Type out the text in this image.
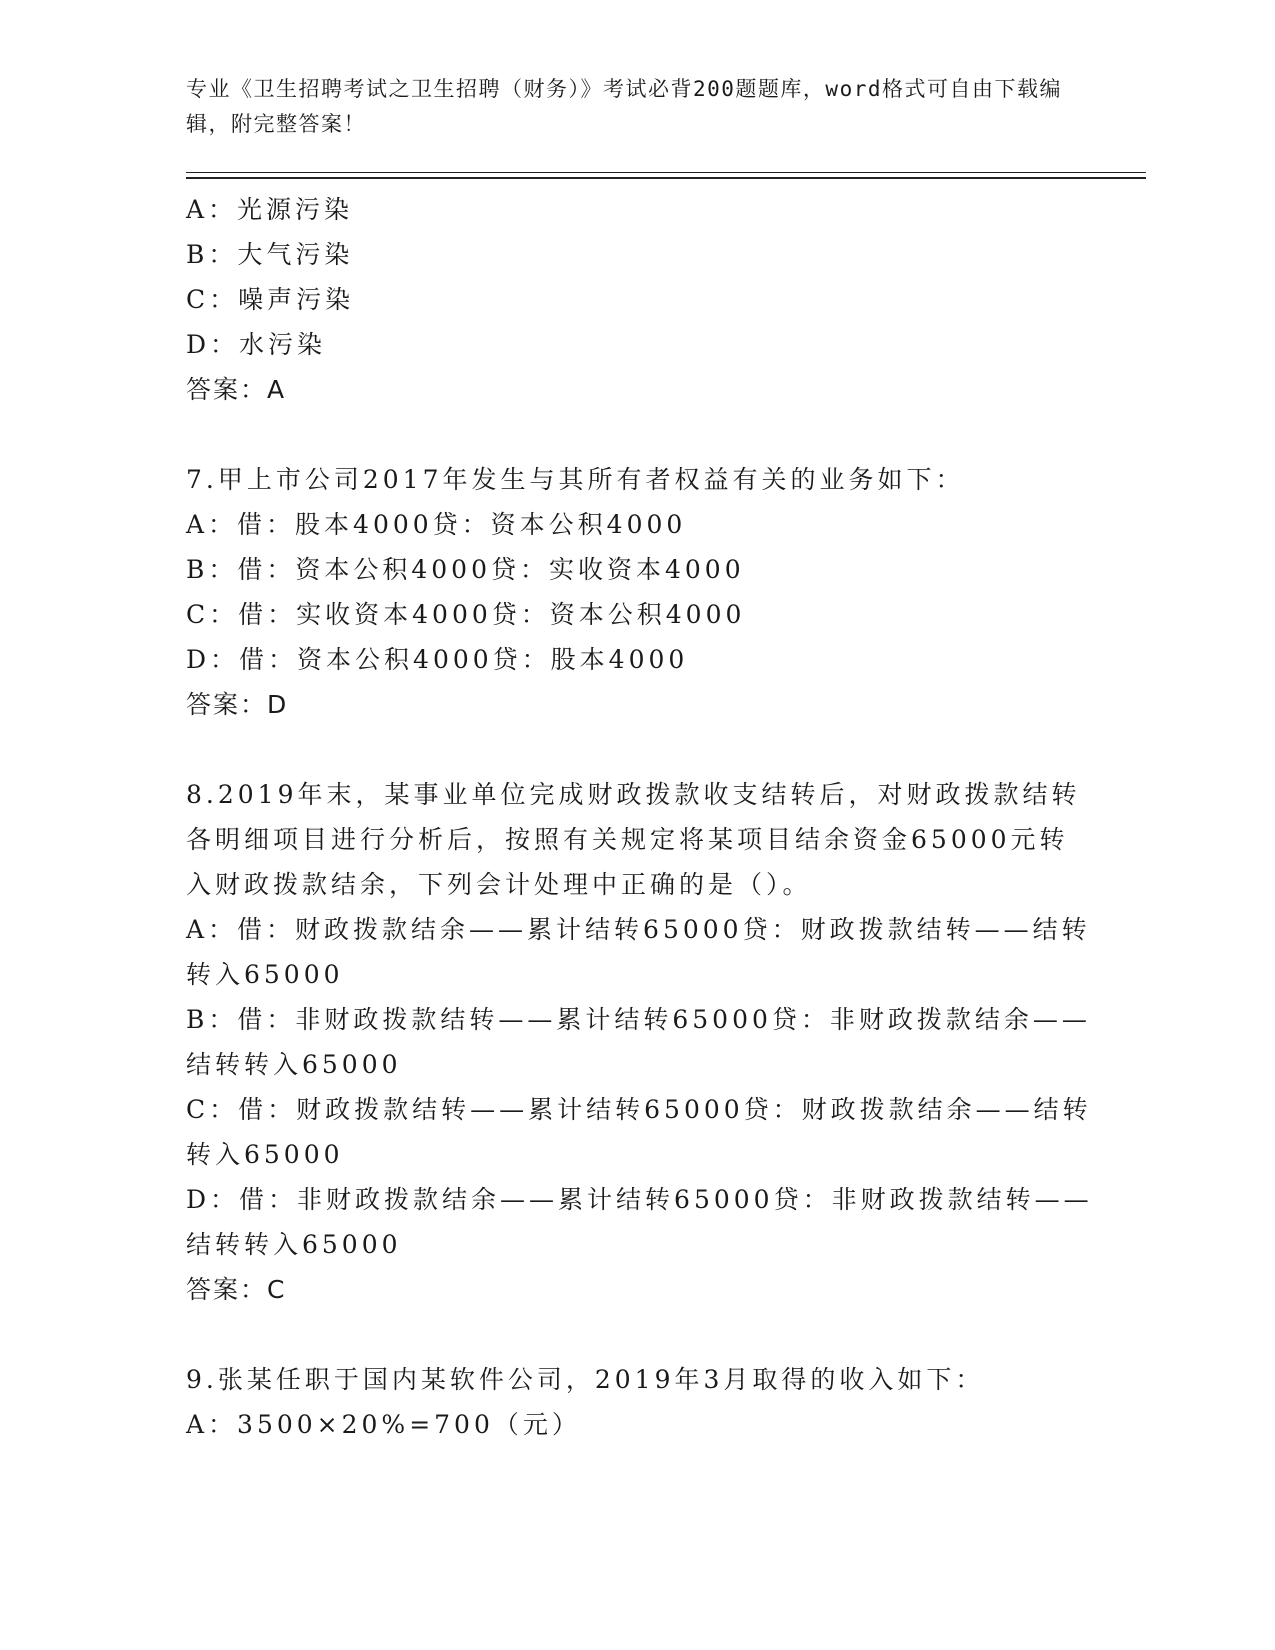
专业《卫生招聘考试之卫生招聘（财务）》考试必背200题题库，word格式可自由下载编辑，附完整答案！
A：光源污染
B：大气污染
C：噪声污染
D：水污染
答案：A
7.甲上市公司2017年发生与其所有者权益有关的业务如下：
A：借：股本4000贷：资本公积4000
B：借：资本公积4000贷：实收资本4000
C：借：实收资本4000贷：资本公积4000
D：借：资本公积4000贷：股本4000
答案：D
8.2019年末，某事业单位完成财政拨款收支结转后，对财政拨款结转
各明细项目进行分析后，按照有关规定将某项目结余资金65000元转
入财政拨款结余，下列会计处理中正确的是（）。
A：借：财政拨款结余——累计结转65000贷：财政拨款结转——结转
转入65000
B：借：非财政拨款结转——累计结转65000贷：非财政拨款结余——
结转转入65000
C：借：财政拨款结转——累计结转65000贷：财政拨款结余——结转
转入65000
D：借：非财政拨款结余——累计结转65000贷：非财政拨款结转——
结转转入65000
答案：C
9.张某任职于国内某软件公司，2019年3月取得的收入如下：
A：3500×20%=700（元）
